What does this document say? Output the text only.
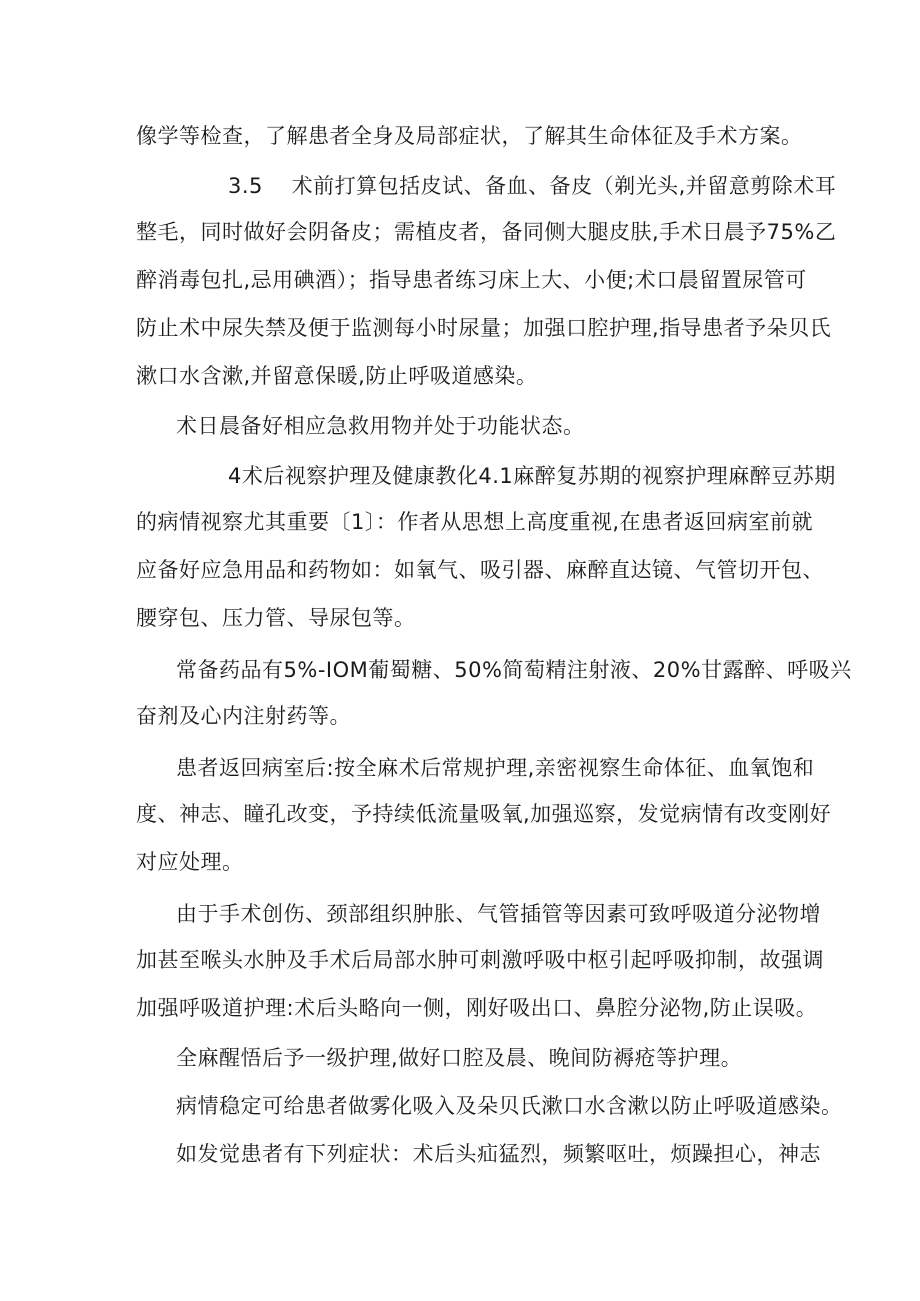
像学等检查，了解患者全身及局部症状，了解其生命体征及手术方案。
3.5　 术前打算包括皮试、备血、备皮（剃光头,并留意剪除术耳
整毛，同时做好会阴备皮；需植皮者，备同侧大腿皮肤,手术日晨予75%乙
醉消毒包扎,忌用碘酒）；指导患者练习床上大、小便;术口晨留置尿管可
防止术中尿失禁及便于监测每小时尿量；加强口腔护理,指导患者予朵贝氏
漱口水含漱,并留意保暖,防止呼吸道感染。
术日晨备好相应急救用物并处于功能状态。
4术后视察护理及健康教化4.1麻醉复苏期的视察护理麻醉豆苏期
的病情视察尤其重要〔1〕：作者从思想上高度重视,在患者返回病室前就
应备好应急用品和药物如：如氧气、吸引器、麻醉直达镜、气管切开包、
腰穿包、压力管、导尿包等。
常备药品有5%-IOM葡蜀糖、50%简萄精注射液、20%甘露醉、呼吸兴
奋剂及心内注射药等。
患者返回病室后:按全麻术后常规护理,亲密视察生命体征、血氧饱和
度、神志、瞳孔改变，予持续低流量吸氧,加强巡察，发觉病情有改变刚好
对应处理。
由于手术创伤、颈部组织肿胀、气管插管等因素可致呼吸道分泌物增
加甚至喉头水肿及手术后局部水肿可刺激呼吸中枢引起呼吸抑制，故强调
加强呼吸道护理:术后头略向一侧，刚好吸出口、鼻腔分泌物,防止误吸。
全麻醒悟后予一级护理,做好口腔及晨、晚间防褥疮等护理。
病情稳定可给患者做雾化吸入及朵贝氏漱口水含漱以防止呼吸道感染。
如发觉患者有下列症状：术后头疝猛烈，频繁呕吐，烦躁担心，神志
